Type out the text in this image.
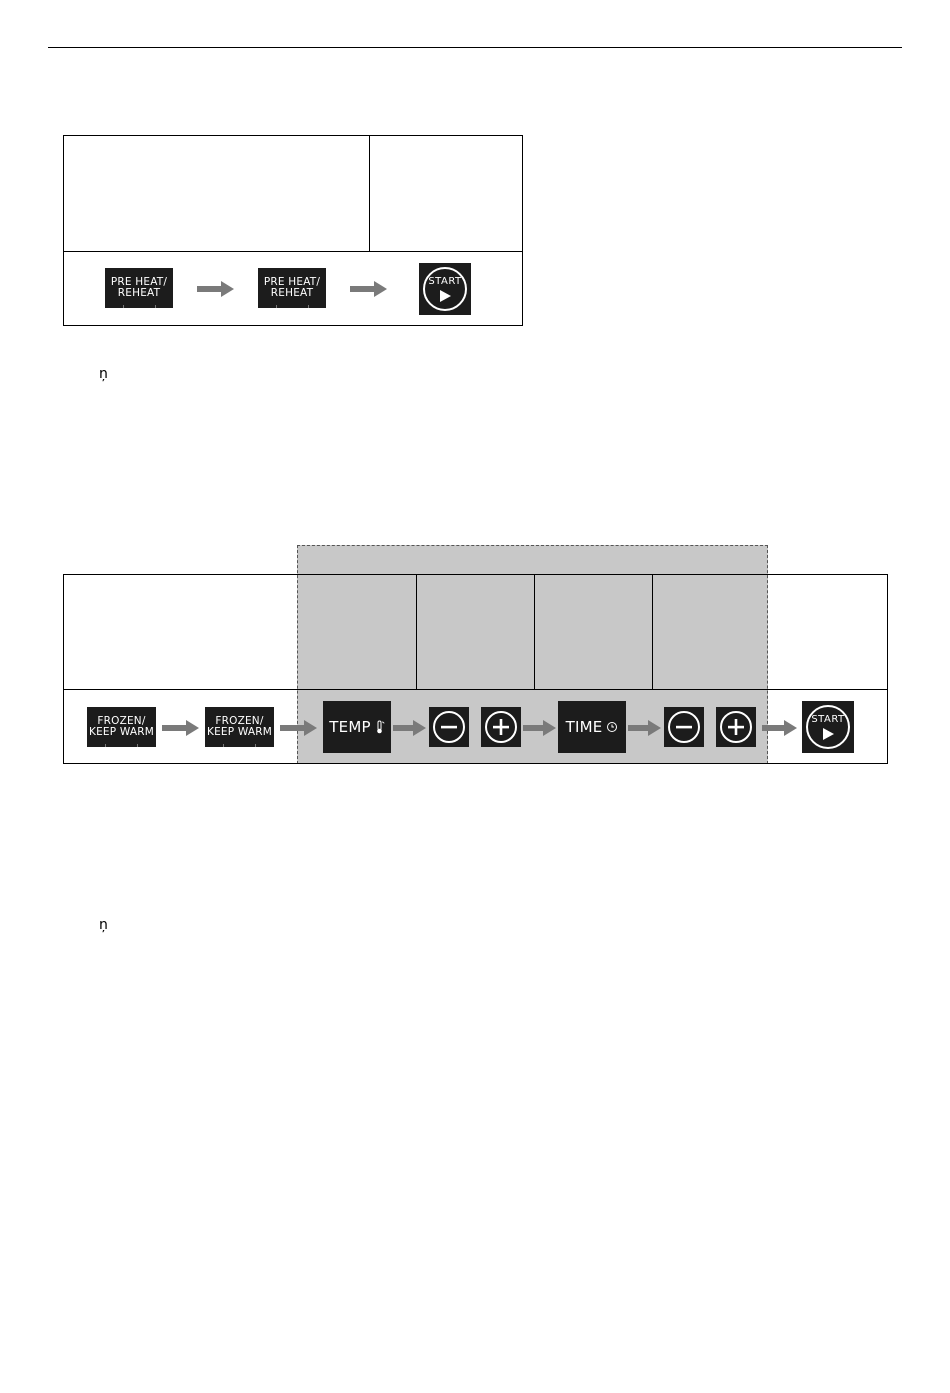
PRE HEAT/
REHEAT
PRE HEAT/
REHEAT
START
ņ
FROZEN/
KEEP WARM
FROZEN/
KEEP WARM	TEMP	TIME	START
ņ
